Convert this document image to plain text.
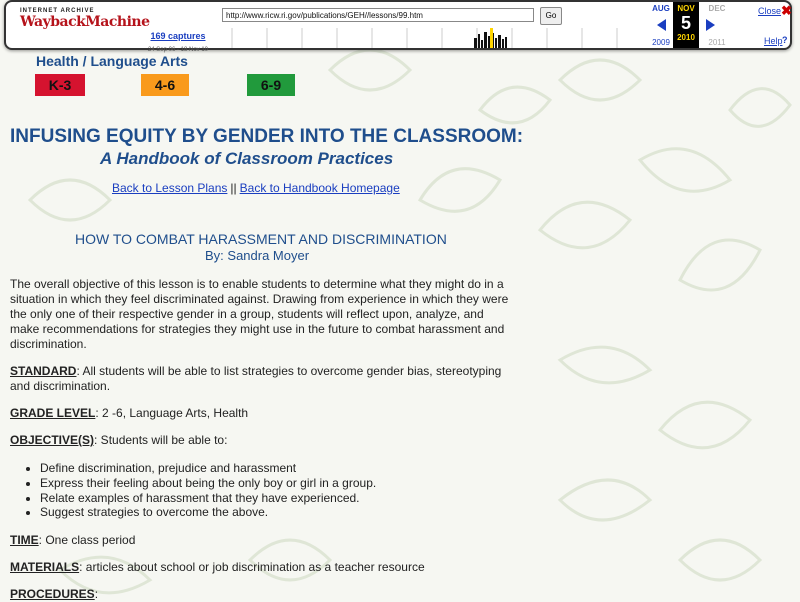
INTERNET ARCHIVE
WaybackMachine
169 captures
24 Sep 06 - 18 Nov 10
http://www.ricw.ri.gov/publications/GEH//lessons/99.htm	Go
AUG	DEC
2009	2011
NOV
5
2010
Close ✖
Help ?
Health / Language Arts
K-3	4-6	6-9
INFUSING EQUITY BY GENDER INTO THE CLASSROOM:
A Handbook of Classroom Practices
Back to Lesson Plans || Back to Handbook Homepage
HOW TO COMBAT HARASSMENT AND DISCRIMINATION
By: Sandra Moyer
The overall objective of this lesson is to enable students to determine what they might do in a situation in which they feel discriminated against. Drawing from experience in which they were the only one of their respective gender in a group, students will reflect upon, analyze, and make recommendations for strategies they might use in the future to combat harassment and discrimination.
STANDARD: All students will be able to list strategies to overcome gender bias, stereotyping and discrimination.
GRADE LEVEL: 2 -6, Language Arts, Health
OBJECTIVE(S): Students will be able to:
• Define discrimination, prejudice and harassment
• Express their feeling about being the only boy or girl in a group.
• Relate examples of harassment that they have experienced.
• Suggest strategies to overcome the above.
TIME: One class period
MATERIALS: articles about school or job discrimination as a teacher resource
PROCEDURES:
